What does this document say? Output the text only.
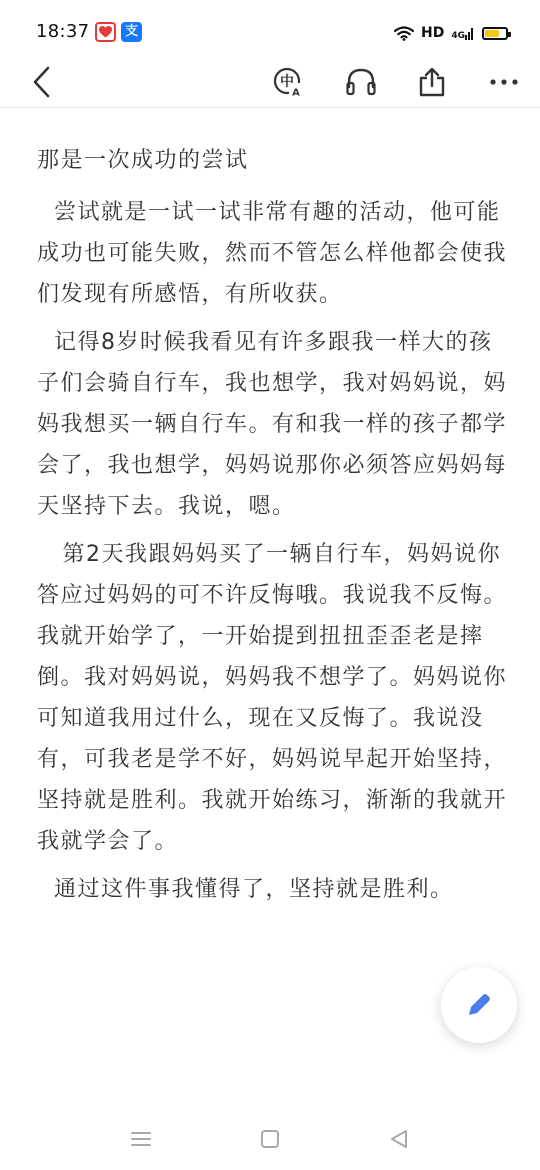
18:37	支	HD 4G
中
A

那是一次成功的尝试

尝试就是一试一试非常有趣的活动，他可能成功也可能失败，然而不管怎么样他都会使我们发现有所感悟，有所收获。

记得8岁时候我看见有许多跟我一样大的孩子们会骑自行车，我也想学，我对妈妈说，妈妈我想买一辆自行车。有和我一样的孩子都学会了，我也想学，妈妈说那你必须答应妈妈每天坚持下去。我说，嗯。

第2天我跟妈妈买了一辆自行车，妈妈说你答应过妈妈的可不许反悔哦。我说我不反悔。我就开始学了，一开始提到扭扭歪歪老是摔倒。我对妈妈说，妈妈我不想学了。妈妈说你可知道我用过什么，现在又反悔了。我说没有，可我老是学不好，妈妈说早起开始坚持，坚持就是胜利。我就开始练习，渐渐的我就开我就学会了。

通过这件事我懂得了，坚持就是胜利。
